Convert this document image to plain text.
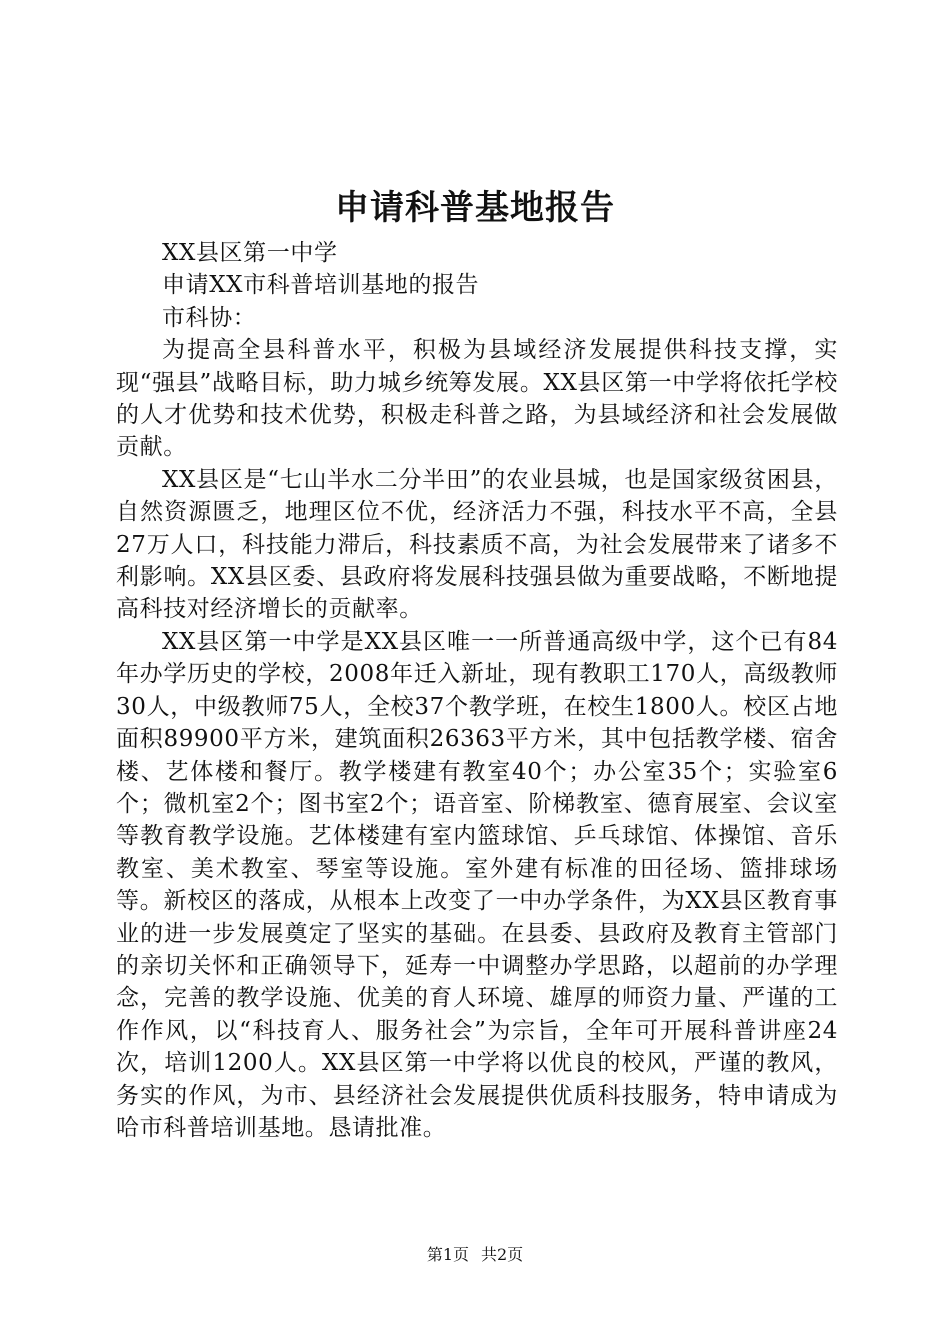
申请科普基地报告

XX县区第一中学

申请XX市科普培训基地的报告

市科协：

为提高全县科普水平，积极为县域经济发展提供科技支撑，实现“强县”战略目标，助力城乡统筹发展。XX县区第一中学将依托学校的人才优势和技术优势，积极走科普之路，为县域经济和社会发展做贡献。

XX县区是“七山半水二分半田”的农业县城，也是国家级贫困县，自然资源匮乏，地理区位不优，经济活力不强，科技水平不高，全县27万人口，科技能力滞后，科技素质不高，为社会发展带来了诸多不利影响。XX县区委、县政府将发展科技强县做为重要战略，不断地提高科技对经济增长的贡献率。

XX县区第一中学是XX县区唯一一所普通高级中学，这个已有84年办学历史的学校，2008年迁入新址，现有教职工170人，高级教师30人，中级教师75人，全校37个教学班，在校生1800人。校区占地面积89900平方米，建筑面积26363平方米，其中包括教学楼、宿舍楼、艺体楼和餐厅。教学楼建有教室40个；办公室35个；实验室6个；微机室2个；图书室2个；语音室、阶梯教室、德育展室、会议室等教育教学设施。艺体楼建有室内篮球馆、乒乓球馆、体操馆、音乐教室、美术教室、琴室等设施。室外建有标准的田径场、篮排球场等。新校区的落成，从根本上改变了一中办学条件，为XX县区教育事业的进一步发展奠定了坚实的基础。在县委、县政府及教育主管部门的亲切关怀和正确领导下，延寿一中调整办学思路，以超前的办学理念，完善的教学设施、优美的育人环境、雄厚的师资力量、严谨的工作作风，以“科技育人、服务社会”为宗旨，全年可开展科普讲座24次，培训1200人。XX县区第一中学将以优良的校风，严谨的教风，务实的作风，为市、县经济社会发展提供优质科技服务，特申请成为哈市科普培训基地。恳请批准。

第1页 共2页
